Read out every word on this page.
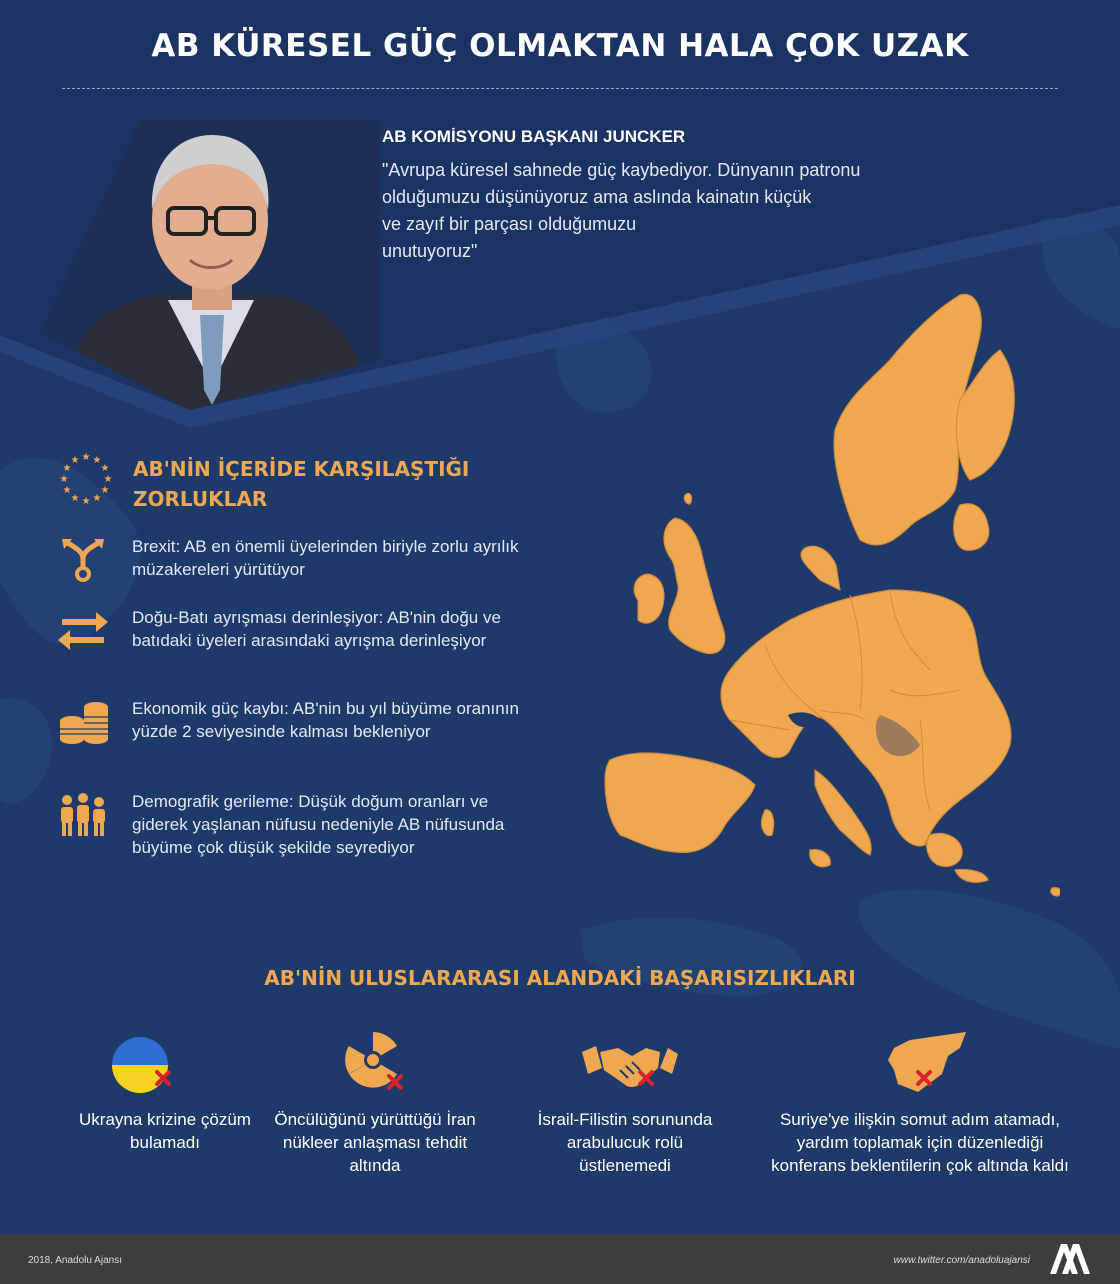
AB KÜRESEL GÜÇ OLMAKTAN HALA ÇOK UZAK
AB KOMİSYONU BAŞKANI JUNCKER
"Avrupa küresel sahnede güç kaybediyor. Dünyanın patronu
olduğumuzu düşünüyoruz ama aslında kainatın küçük
ve zayıf bir parçası olduğumuzu
unutuyoruz"
★ ★
★
★
★
★
★
★
★
★
★
★	AB'NİN İÇERİDE KARŞILAŞTIĞI ZORLUKLAR
Brexit: AB en önemli üyelerinden biriyle zorlu ayrılık müzakereleri yürütüyor
Doğu-Batı ayrışması derinleşiyor: AB'nin doğu ve batıdaki üyeleri arasındaki ayrışma derinleşiyor
Ekonomik güç kaybı: AB'nin bu yıl büyüme oranının yüzde 2 seviyesinde kalması bekleniyor
Demografik gerileme: Düşük doğum oranları ve giderek yaşlanan nüfusu nedeniyle AB nüfusunda büyüme çok düşük şekilde seyrediyor
AB'NİN ULUSLARARASI ALANDAKİ BAŞARISIZLIKLARI
Ukrayna krizine çözüm bulamadı
Öncülüğünü yürüttüğü İran nükleer anlaşması tehdit altında
İsrail-Filistin sorununda arabulucuk rolü üstlenemedi
Suriye'ye ilişkin somut adım atamadı, yardım toplamak için düzenlediği konferans beklentilerin çok altında kaldı
2018, Anadolu Ajansı	www.twitter.com/anadoluajansi
